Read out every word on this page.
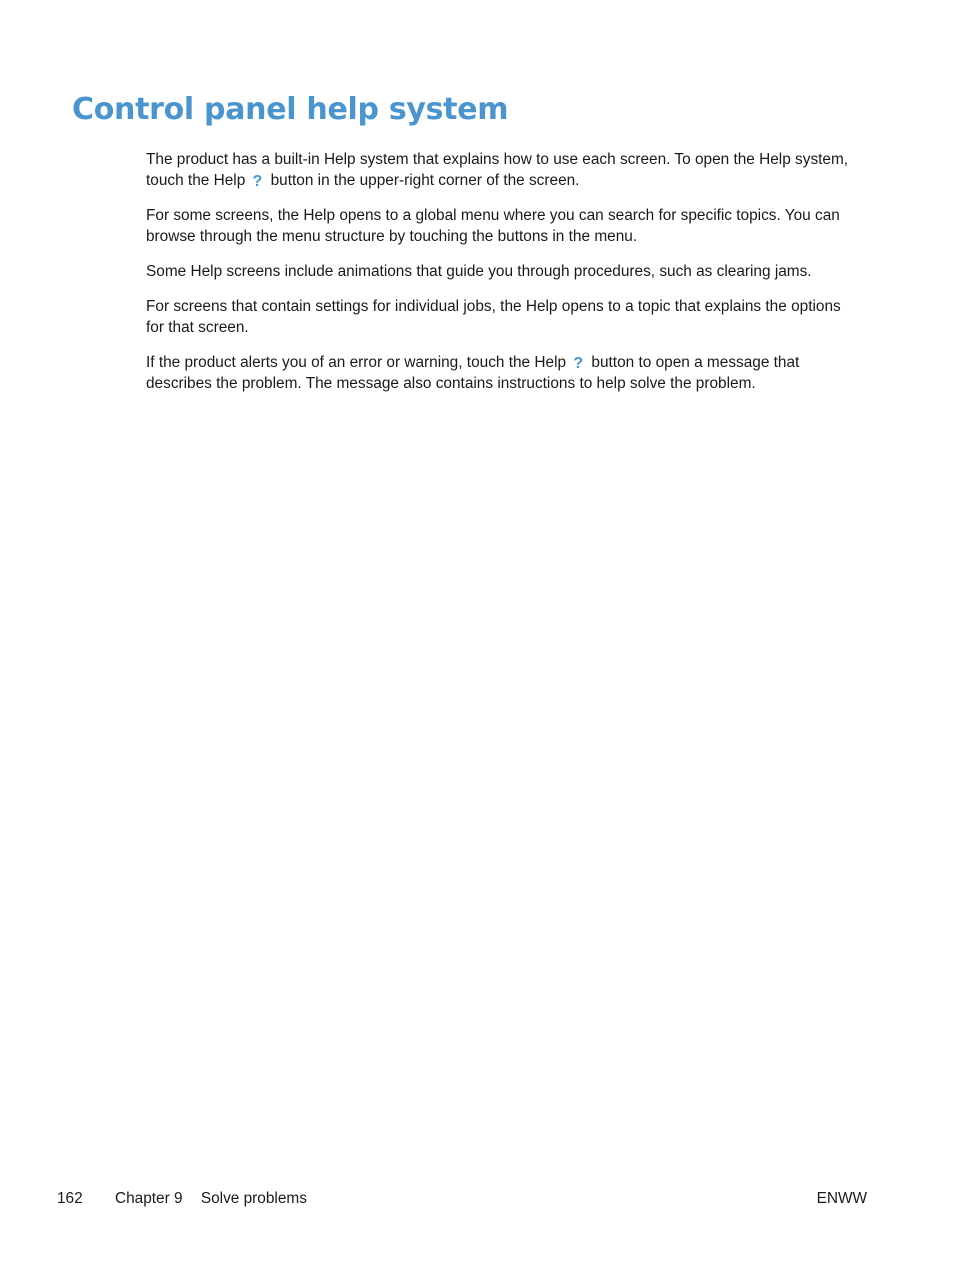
Control panel help system

The product has a built-in Help system that explains how to use each screen. To open the Help system, touch the Help ? button in the upper-right corner of the screen.

For some screens, the Help opens to a global menu where you can search for specific topics. You can browse through the menu structure by touching the buttons in the menu.

Some Help screens include animations that guide you through procedures, such as clearing jams.

For screens that contain settings for individual jobs, the Help opens to a topic that explains the options for that screen.

If the product alerts you of an error or warning, touch the Help ? button to open a message that describes the problem. The message also contains instructions to help solve the problem.

162 Chapter 9 Solve problems	ENWW
